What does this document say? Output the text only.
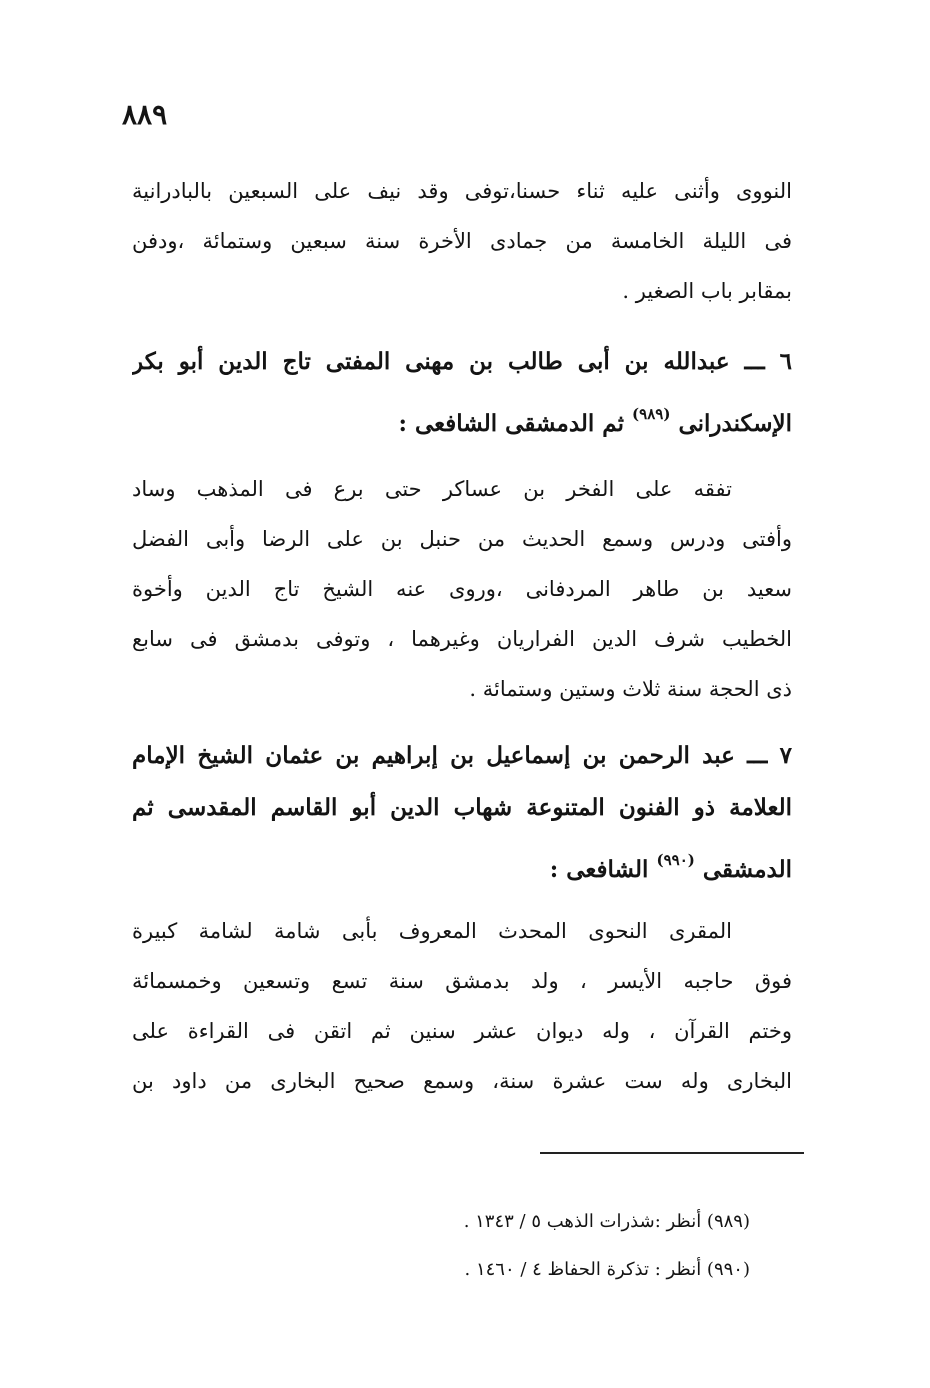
٨٨٩
النووى وأثنى عليه ثناء حسنا،توفى وقد نيف على السبعين بالبادرانية
فى الليلة الخامسة من جمادى الأخرة سنة سبعين وستمائة ،ودفن
بمقابر باب الصغير .
٦ ـــ عبدالله بن أبى طالب بن مهنى المفتى تاج الدين أبو بكر
الإسكندرانى $^{(٩٨٩)}$ ثم الدمشقى الشافعى :
تفقه على الفخر بن عساكر حتى برع فى المذهب وساد
وأفتى ودرس وسمع الحديث من حنبل بن على الرضا وأبى الفضل
سعيد بن طاهر المردفانى ،وروى عنه الشيخ تاج الدين وأخوة
الخطيب شرف الدين الفراريان وغيرهما ، وتوفى بدمشق فى سابع
ذى الحجة سنة ثلاث وستين وستمائة .
٧ ـــ عبد الرحمن بن إسماعيل بن إبراهيم بن عثمان الشيخ الإمام
العلامة ذو الفنون المتنوعة شهاب الدين أبو القاسم المقدسى ثم
الدمشقى $^{(٩٩٠)}$ الشافعى :
المقرى النحوى المحدث المعروف بأبى شامة لشامة كبيرة
فوق حاجبه الأيسر ، ولد بدمشق سنة تسع وتسعين وخمسمائة
وختم القرآن ، وله ديوان عشر سنين ثم اتقن فى القراءة على
البخارى وله ست عشرة سنة، وسمع صحيح البخارى من داود بن
(٩٨٩) أنظر :شذرات الذهب ٥ / ١٣٤٣ .
(٩٩٠) أنظر : تذكرة الحفاظ ٤ / ١٤٦٠ .
